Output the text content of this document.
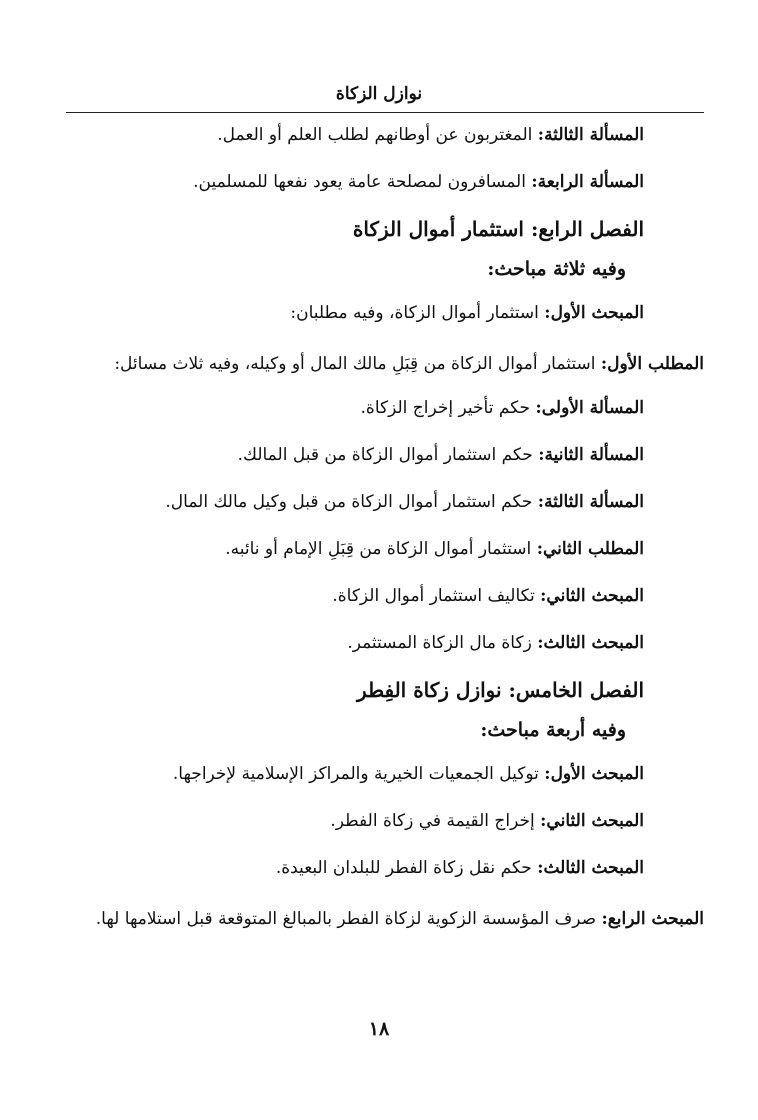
نوازل الزكاة
المسألة الثالثة: المغتربون عن أوطانهم لطلب العلم أو العمل.
المسألة الرابعة: المسافرون لمصلحة عامة يعود نفعها للمسلمين.
الفصل الرابع: استثمار أموال الزكاة
وفيه ثلاثة مباحث:
المبحث الأول: استثمار أموال الزكاة، وفيه مطلبان:
المطلب الأول: استثمار أموال الزكاة من قِبَلِ مالك المال أو وكيله، وفيه ثلاث مسائل:
المسألة الأولى: حكم تأخير إخراج الزكاة.
المسألة الثانية: حكم استثمار أموال الزكاة من قبل المالك.
المسألة الثالثة: حكم استثمار أموال الزكاة من قبل وكيل مالك المال.
المطلب الثاني: استثمار أموال الزكاة من قِبَلِ الإمام أو نائبه.
المبحث الثاني: تكاليف استثمار أموال الزكاة.
المبحث الثالث: زكاة مال الزكاة المستثمر.
الفصل الخامس: نوازل زكاة الفِطر
وفيه أربعة مباحث:
المبحث الأول: توكيل الجمعيات الخيرية والمراكز الإسلامية لإخراجها.
المبحث الثاني: إخراج القيمة في زكاة الفطر.
المبحث الثالث: حكم نقل زكاة الفطر للبلدان البعيدة.
المبحث الرابع: صرف المؤسسة الزكوية لزكاة الفطر بالمبالغ المتوقعة قبل استلامها لها.
١٨
